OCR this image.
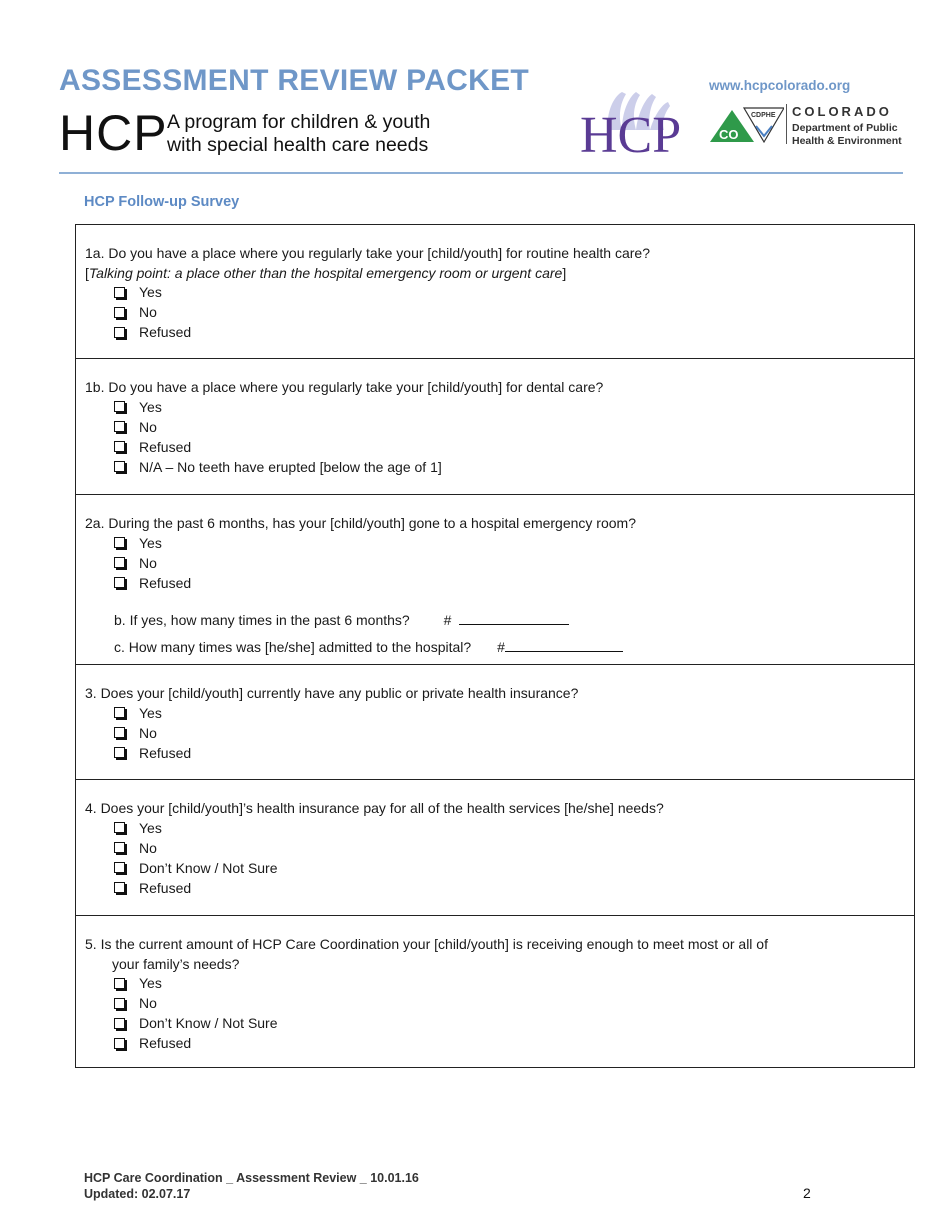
ASSESSMENT REVIEW PACKET
HCP A program for children & youth
with special health care needs
www.hcpcolorado.org
HCP	CO
CDPHE COLORADO
Department of Public
Health & Environment
HCP Follow-up Survey
1a. Do you have a place where you regularly take your [child/youth] for routine health care?
[Talking point: a place other than the hospital emergency room or urgent care]
Yes
No
Refused
1b. Do you have a place where you regularly take your [child/youth] for dental care?
Yes
No
Refused
N/A – No teeth have erupted [below the age of 1]
2a. During the past 6 months, has your [child/youth] gone to a hospital emergency room?
Yes
No
Refused
b. If yes, how many times in the past 6 months? #
c. How many times was [he/she] admitted to the hospital? #
3. Does your [child/youth] currently have any public or private health insurance?
Yes
No
Refused
4. Does your [child/youth]’s health insurance pay for all of the health services [he/she] needs?
Yes
No
Don’t Know / Not Sure
Refused
5. Is the current amount of HCP Care Coordination your [child/youth] is receiving enough to meet most or all of
your family’s needs?
Yes
No
Don’t Know / Not Sure
Refused
HCP Care Coordination _ Assessment Review _ 10.01.16
Updated: 02.07.17	2
